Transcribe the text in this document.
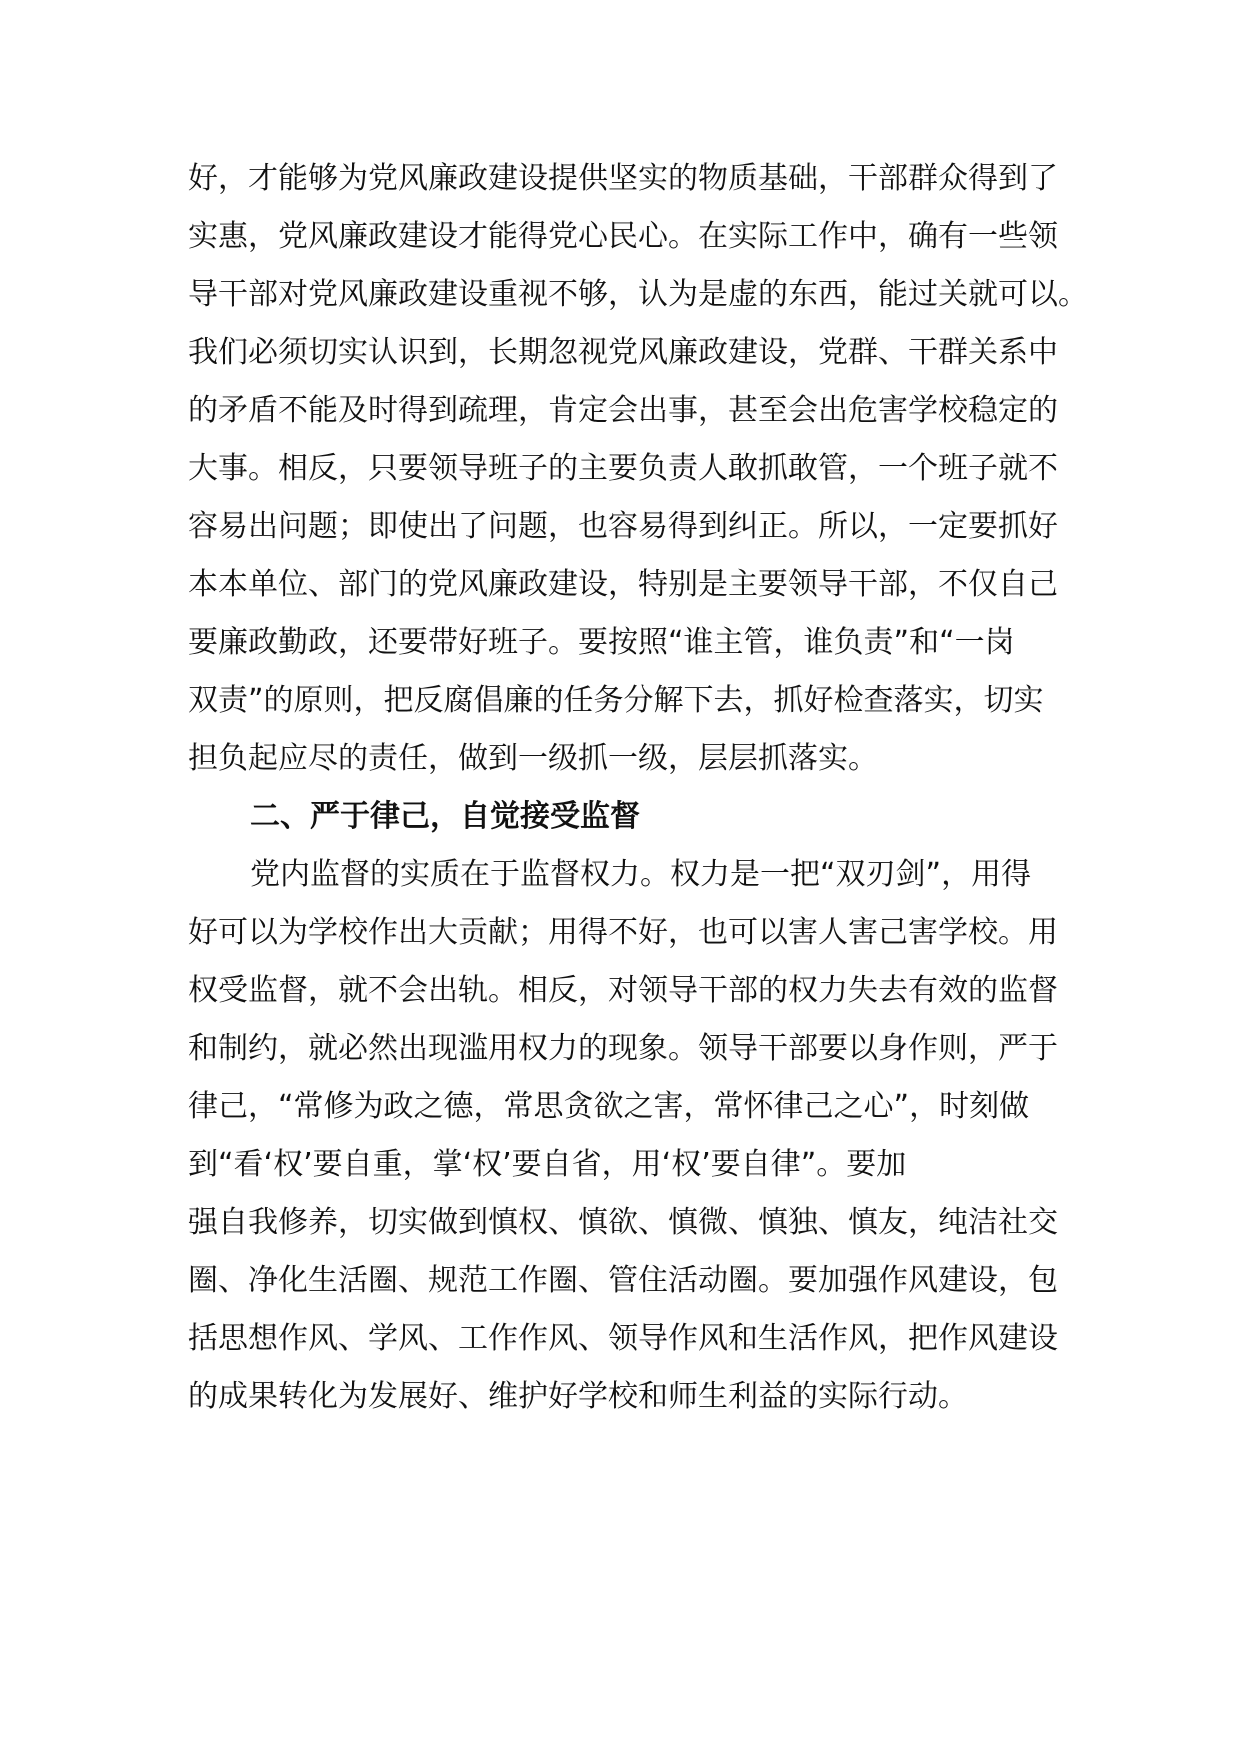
好，才能够为党风廉政建设提供坚实的物质基础，干部群众得到了
实惠，党风廉政建设才能得党心民心。在实际工作中，确有一些领
导干部对党风廉政建设重视不够，认为是虚的东西，能过关就可以。
我们必须切实认识到，长期忽视党风廉政建设，党群、干群关系中
的矛盾不能及时得到疏理，肯定会出事，甚至会出危害学校稳定的
大事。相反，只要领导班子的主要负责人敢抓敢管，一个班子就不
容易出问题；即使出了问题，也容易得到纠正。所以，一定要抓好
本本单位、部门的党风廉政建设，特别是主要领导干部，不仅自己
要廉政勤政，还要带好班子。要按照“谁主管，谁负责”和“一岗
双责”的原则，把反腐倡廉的任务分解下去，抓好检查落实，切实
担负起应尽的责任，做到一级抓一级，层层抓落实。
二、严于律己，自觉接受监督
党内监督的实质在于监督权力。权力是一把“双刃剑”，用得
好可以为学校作出大贡献；用得不好，也可以害人害己害学校。用
权受监督，就不会出轨。相反，对领导干部的权力失去有效的监督
和制约，就必然出现滥用权力的现象。领导干部要以身作则，严于
律己，“常修为政之德，常思贪欲之害，常怀律己之心”，时刻做
到“看‘权’要自重，掌‘权’要自省，用‘权’要自律”。要加
强自我修养，切实做到慎权、慎欲、慎微、慎独、慎友，纯洁社交
圈、净化生活圈、规范工作圈、管住活动圈。要加强作风建设，包
括思想作风、学风、工作作风、领导作风和生活作风，把作风建设
的成果转化为发展好、维护好学校和师生利益的实际行动。
